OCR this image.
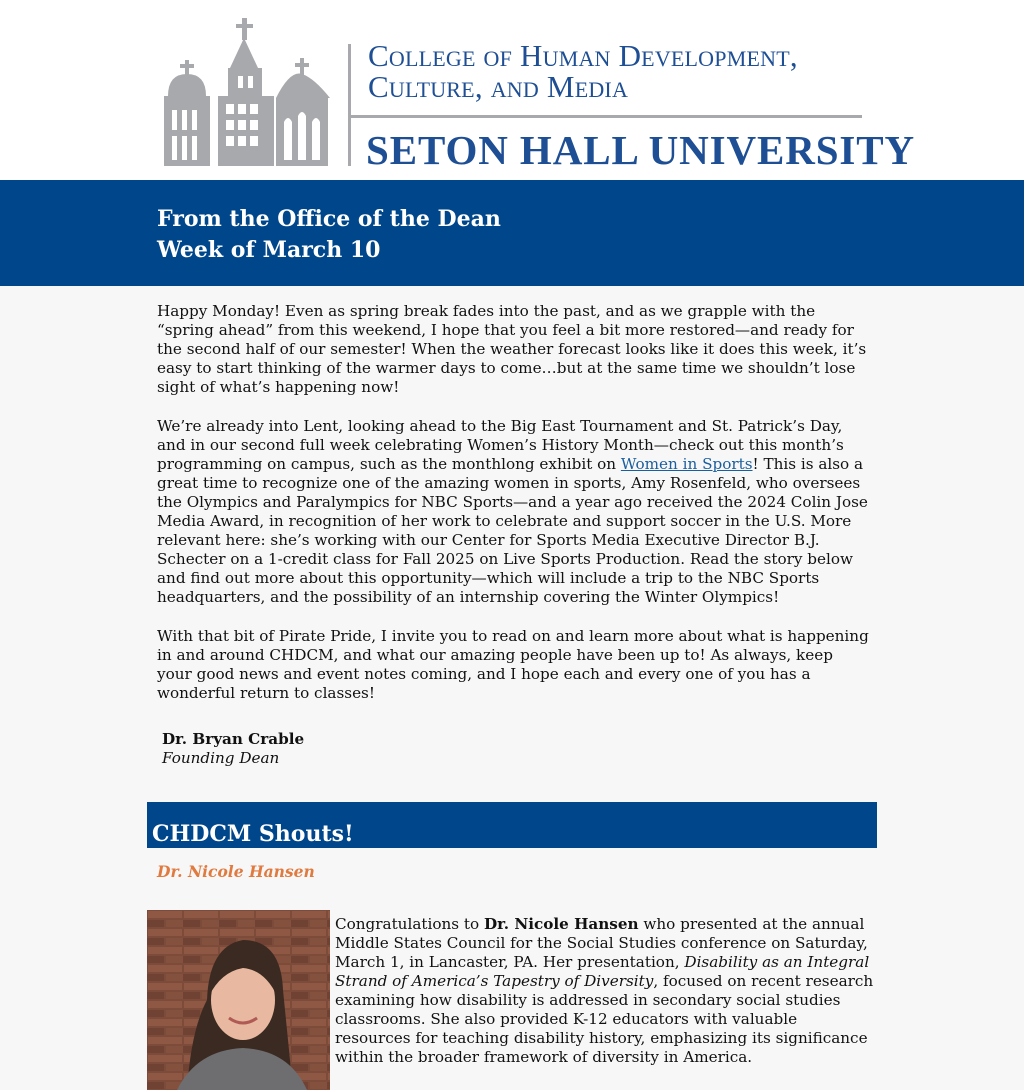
College of Human Development,
Culture, and Media
SETON HALL UNIVERSITY
From the Office of the Dean
Week of March 10

Happy Monday! Even as spring break fades into the past, and as we grapple with the “spring ahead” from this weekend, I hope that you feel a bit more restored—and ready for the second half of our semester! When the weather forecast looks like it does this week, it’s easy to start thinking of the warmer days to come…but at the same time we shouldn’t lose sight of what’s happening now!

We’re already into Lent, looking ahead to the Big East Tournament and St. Patrick’s Day, and in our second full week celebrating Women’s History Month—check out this month’s programming on campus, such as the monthlong exhibit on Women in Sports! This is also a great time to recognize one of the amazing women in sports, Amy Rosenfeld, who oversees the Olympics and Paralympics for NBC Sports—and a year ago received the 2024 Colin Jose Media Award, in recognition of her work to celebrate and support soccer in the U.S. More relevant here: she’s working with our Center for Sports Media Executive Director B.J. Schecter on a 1-credit class for Fall 2025 on Live Sports Production. Read the story below and find out more about this opportunity—which will include a trip to the NBC Sports headquarters, and the possibility of an internship covering the Winter Olympics!

With that bit of Pirate Pride, I invite you to read on and learn more about what is happening in and around CHDCM, and what our amazing people have been up to! As always, keep your good news and event notes coming, and I hope each and every one of you has a wonderful return to classes!

Dr. Bryan Crable
Founding Dean
CHDCM Shouts!
Dr. Nicole Hansen

Congratulations to Dr. Nicole Hansen who presented at the annual Middle States Council for the Social Studies conference on Saturday, March 1, in Lancaster, PA. Her presentation, Disability as an Integral Strand of America’s Tapestry of Diversity, focused on recent research examining how disability is addressed in secondary social studies classrooms. She also provided K-12 educators with valuable resources for teaching disability history, emphasizing its significance within the broader framework of diversity in America.
